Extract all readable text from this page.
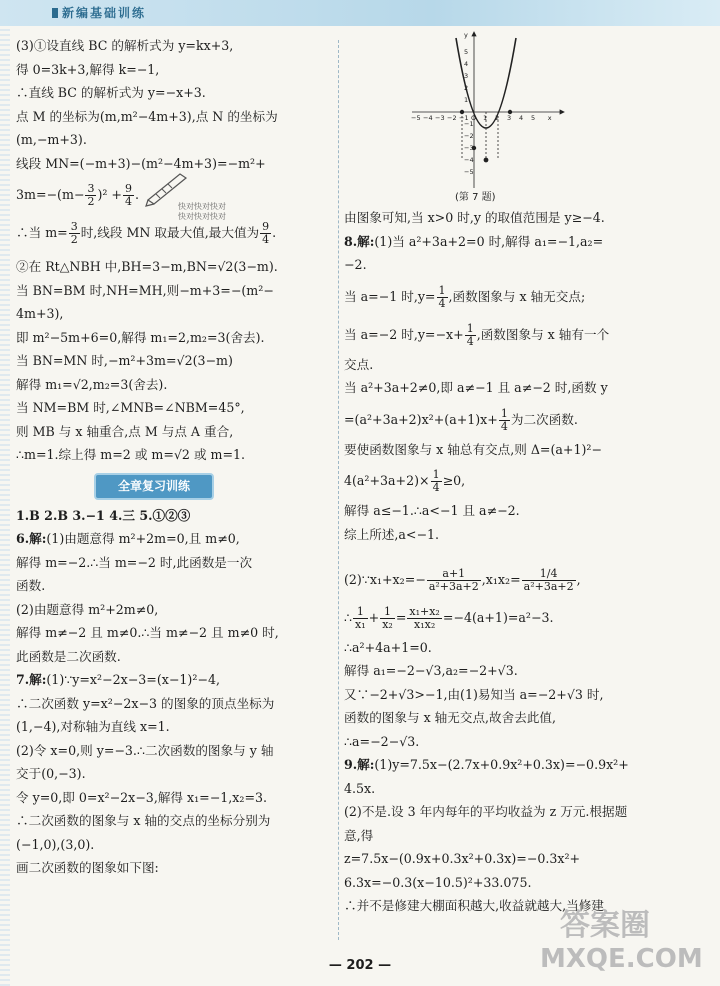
新编基础训练

(3)①设直线 BC 的解析式为 y=kx+3,

得 0=3k+3,解得 k=−1,

∴直线 BC 的解析式为 y=−x+3.

点 M 的坐标为(m,m²−4m+3),点 N 的坐标为

(m,−m+3).

线段 MN=(−m+3)−(m²−4m+3)=−m²+

$3m=-(m- \frac{3}{2} )^2 + \frac{9}{4}$ .

∴当 $m= \frac{3}{2}$ 时,线段 MN 取最大值,最大值为 $\frac{9}{4}$ .

②在 Rt△NBH 中,BH=3−m,BN=√2(3−m).

当 BN=BM 时,NH=MH,则−m+3=−(m²−

4m+3),

即 m²−5m+6=0,解得 m₁=2,m₂=3(舍去).

当 BN=MN 时,−m²+3m=√2(3−m)

解得 m₁=√2,m₂=3(舍去).

当 NM=BM 时,∠MNB=∠NBM=45°,

则 MB 与 x 轴重合,点 M 与点 A 重合,

∴m=1.综上得 m=2 或 m=√2 或 m=1.

全章复习训练

1.B 2.B 3.−1 4.三 5.①②③

6.解:(1)由题意得 m²+2m=0,且 m≠0,

解得 m=−2.∴当 m=−2 时,此函数是一次

函数.

(2)由题意得 m²+2m≠0,

解得 m≠−2 且 m≠0.∴当 m≠−2 且 m≠0 时,

此函数是二次函数.

7.解:(1)∵y=x²−2x−3=(x−1)²−4,

∴二次函数 y=x²−2x−3 的图象的顶点坐标为

(1,−4),对称轴为直线 x=1.

(2)令 x=0,则 y=−3.∴二次函数的图象与 y 轴

交于(0,−3).

令 y=0,即 0=x²−2x−3,解得 x₁=−1,x₂=3.

∴二次函数的图象与 x 轴的交点的坐标分别为

(−1,0),(3,0).

画二次函数的图象如下图:

快对快对快对
快对快对快对
−5 −4 −3 −2 −1 O 1 2 3 4 5 x
y
5
4
3
2
1
−1
−2
−3
−4
−5
(第 7 题)

由图象可知,当 x>0 时,y 的取值范围是 y≥−4.

8.解:(1)当 a²+3a+2=0 时,解得 a₁=−1,a₂=

−2.

当 a=−1 时$,y= \frac{1}{4}$ ,函数图象与 x 轴无交点;

当 a=−2 时$,y=-x+ \frac{1}{4}$ ,函数图象与 x 轴有一个

交点.

当 a²+3a+2≠0,即 a≠−1 且 a≠−2 时,函数 y

$=(a^2+3a+2)x^2+(a+1)x+ \frac{1}{4}$ 为二次函数.

要使函数图象与 x 轴总有交点,则 Δ=(a+1)²−

$4(a^2+3a+2)\times \frac{1}{4} \ge 0$,

解得 a≤−1.∴a<−1 且 a≠−2.

综上所述,a<−1.

(2)∵x₁+x₂=− $\frac{a+1}{\text{a²+3a+2}} ,x_1x_2= \frac{1/4}{\text{a²+3a+2}}$ ,

∴ $\frac{1}{\text{x₁}} + \frac{1}{\text{x₂}} = \frac{\text{x₁+x₂}}{\text{x₁x₂}} =-4(a+1)=a^2-3$.

∴a²+4a+1=0.

解得 a₁=−2−√3,a₂=−2+√3.

又∵−2+√3>−1,由(1)易知当 a=−2+√3 时,

函数的图象与 x 轴无交点,故舍去此值,

∴a=−2−√3.

9.解:(1)y=7.5x−(2.7x+0.9x²+0.3x)=−0.9x²+

4.5x.

(2)不是.设 3 年内每年的平均收益为 z 万元.根据题

意,得

z=7.5x−(0.9x+0.3x²+0.3x)=−0.3x²+

6.3x=−0.3(x−10.5)²+33.075.

∴并不是修建大棚面积越大,收益就越大,当修建

答案圈
MXQE.COM
— 202 —
